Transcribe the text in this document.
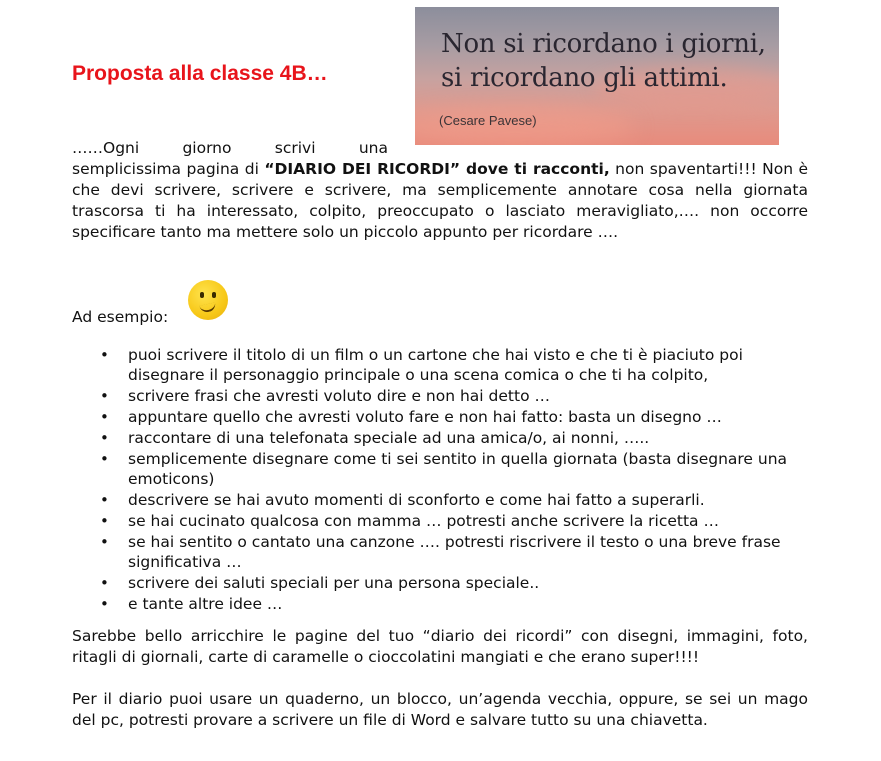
Proposta alla classe 4B…
Non si ricordano i giorni,
si ricordano gli attimi.
(Cesare Pavese)
……Ogni	giorno	scrivi	una

semplicissima pagina di “DIARIO DEI RICORDI” dove ti racconti, non spaventarti!!! Non è che devi scrivere, scrivere e scrivere, ma semplicemente annotare cosa nella giornata trascorsa ti ha interessato, colpito, preoccupato o lasciato meravigliato,…. non occorre specificare tanto ma mettere solo un piccolo appunto per ricordare ….

Ad esempio:

• puoi scrivere il titolo di un film o un cartone che hai visto e che ti è piaciuto poi disegnare il personaggio principale o una scena comica o che ti ha colpito,
• scrivere frasi che avresti voluto dire e non hai detto …
• appuntare quello che avresti voluto fare e non hai fatto: basta un disegno …
• raccontare di una telefonata speciale ad una amica/o, ai nonni, …..
• semplicemente disegnare come ti sei sentito in quella giornata (basta disegnare una emoticons)
• descrivere se hai avuto momenti di sconforto e come hai fatto a superarli.
• se hai cucinato qualcosa con mamma … potresti anche scrivere la ricetta …
• se hai sentito o cantato una canzone …. potresti riscrivere il testo o una breve frase significativa …
• scrivere dei saluti speciali per una persona speciale..
• e tante altre idee …

Sarebbe bello arricchire le pagine del tuo “diario dei ricordi” con disegni, immagini, foto, ritagli di giornali, carte di caramelle o cioccolatini mangiati e che erano super!!!!

Per il diario puoi usare un quaderno, un blocco, un’agenda vecchia, oppure, se sei un mago del pc, potresti provare a scrivere un file di Word e salvare tutto su una chiavetta.
